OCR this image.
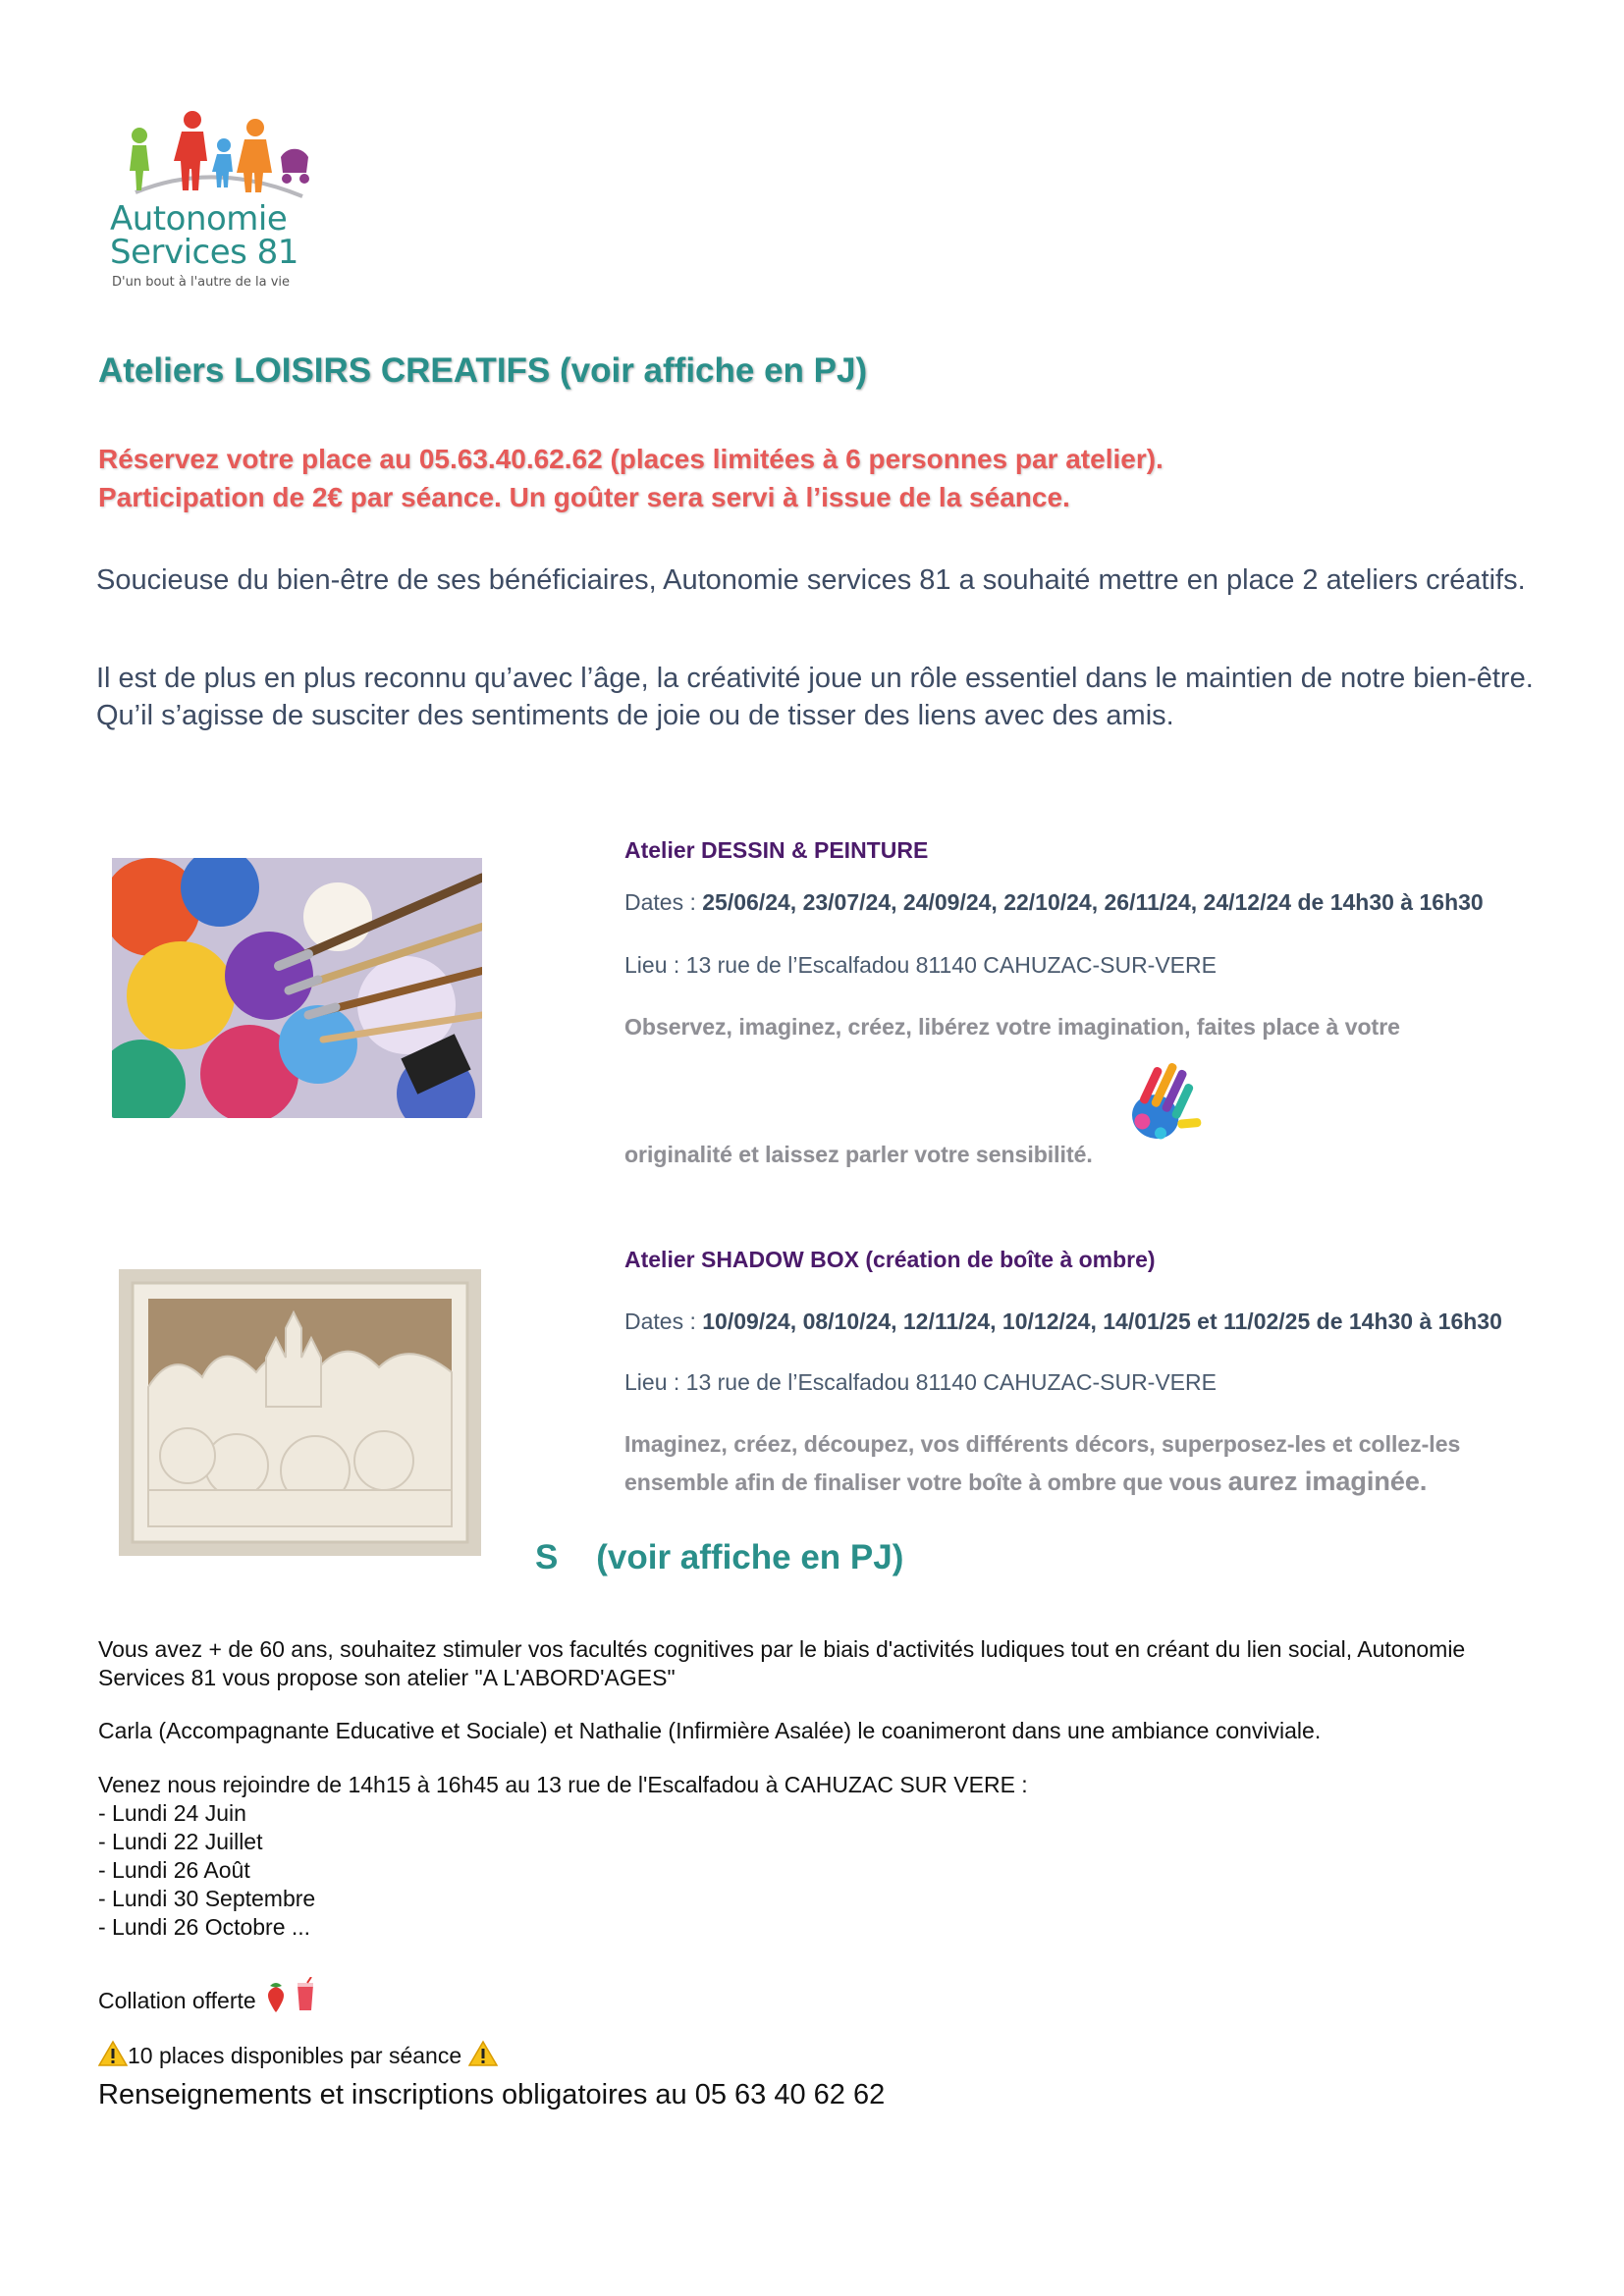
Autonomie
Services 81
D'un bout à l'autre de la vie
Ateliers LOISIRS CREATIFS (voir affiche en PJ)
Réservez votre place au 05.63.40.62.62 (places limitées à 6 personnes par atelier).
Participation de 2€ par séance. Un goûter sera servi à l’issue de la séance.

Soucieuse du bien-être de ses bénéficiaires, Autonomie services 81 a souhaité mettre en place 2 ateliers créatifs.

Il est de plus en plus reconnu qu’avec l’âge, la créativité joue un rôle essentiel dans le maintien de notre bien-être. Qu’il s’agisse de susciter des sentiments de joie ou de tisser des liens avec des amis.

Atelier DESSIN & PEINTURE
Dates : 25/06/24, 23/07/24, 24/09/24, 22/10/24, 26/11/24, 24/12/24 de 14h30 à 16h30
Lieu : 13 rue de l’Escalfadou 81140 CAHUZAC-SUR-VERE
Observez, imaginez, créez, libérez votre imagination, faites place à votre
originalité et laissez parler votre sensibilité.
Atelier SHADOW BOX (création de boîte à ombre)
Dates : 10/09/24, 08/10/24, 12/11/24, 10/12/24, 14/01/25 et 11/02/25 de 14h30 à 16h30
Lieu : 13 rue de l’Escalfadou 81140 CAHUZAC-SUR-VERE
Imaginez, créez, découpez, vos différents décors, superposez-les et collez-les
ensemble afin de finaliser votre boîte à ombre que vous aurez imaginée.
S    (voir affiche en PJ)

Vous avez + de 60 ans, souhaitez stimuler vos facultés cognitives par le biais d'activités ludiques tout en créant du lien social, Autonomie Services 81 vous propose son atelier "A L'ABORD'AGES"

Carla (Accompagnante Educative et Sociale) et Nathalie (Infirmière Asalée) le coanimeront dans une ambiance conviviale.

Venez nous rejoindre de 14h15 à 16h45 au 13 rue de l'Escalfadou à CAHUZAC SUR VERE :

- Lundi 24 Juin
- Lundi 22 Juillet
- Lundi 26 Août
- Lundi 30 Septembre
- Lundi 26 Octobre ...
Collation offerte
10 places disponibles par séance
Renseignements et inscriptions obligatoires au 05 63 40 62 62
